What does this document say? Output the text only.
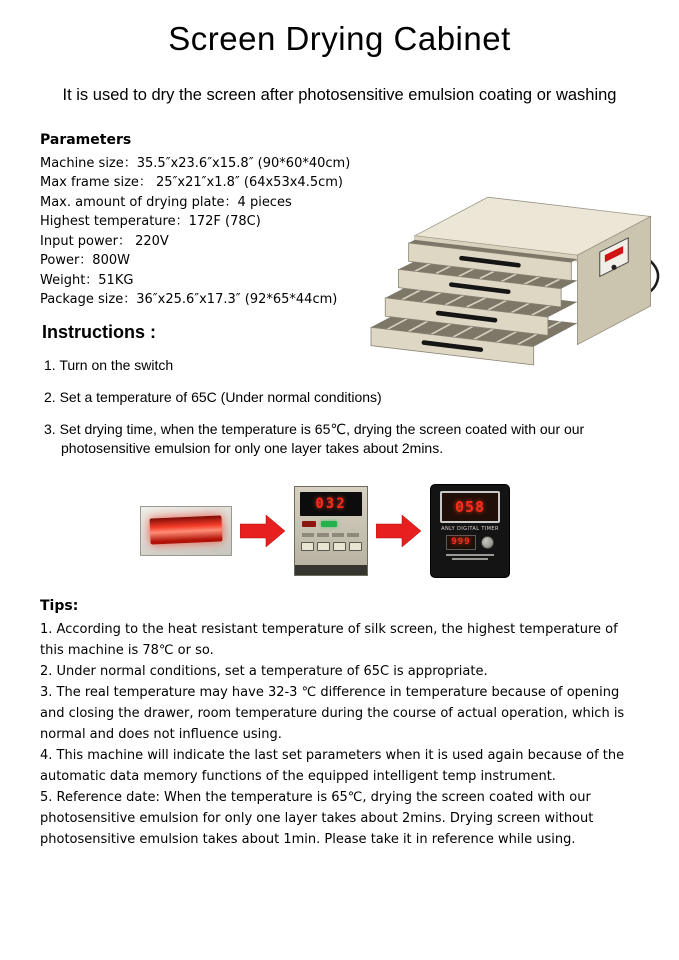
Screen Drying Cabinet
It is used to dry the screen after photosensitive emulsion coating or washing
Parameters
Machine size：35.5″x23.6″x15.8″ (90*60*40cm)
Max frame size： 25″x21″x1.8″ (64x53x4.5cm)
Max. amount of drying plate：4 pieces
Highest temperature：172F (78C)
Input power： 220V
Power：800W
Weight：51KG
Package size：36″x25.6″x17.3″ (92*65*44cm)
Instructions :
1. Turn on the switch
2. Set a temperature of 65C (Under normal conditions)
3. Set drying time, when the temperature is 65℃, drying the screen coated with our our photosensitive emulsion for only one layer takes about 2mins.
032	058
ANLY DIGITAL TIMER
999
Tips:

1. According to the heat resistant temperature of silk screen, the highest temperature of this machine is 78℃ or so.

2. Under normal conditions, set a temperature of 65C is appropriate.

3. The real temperature may have 32-3 ℃ difference in temperature because of opening and closing the drawer, room temperature during the course of actual operation, which is normal and does not influence using.

4. This machine will indicate the last set parameters when it is used again because of the automatic data memory functions of the equipped intelligent temp instrument.

5. Reference date: When the temperature is 65℃, drying the screen coated with our photosensitive emulsion for only one layer takes about 2mins. Drying screen without photosensitive emulsion takes about 1min. Please take it in reference while using.
